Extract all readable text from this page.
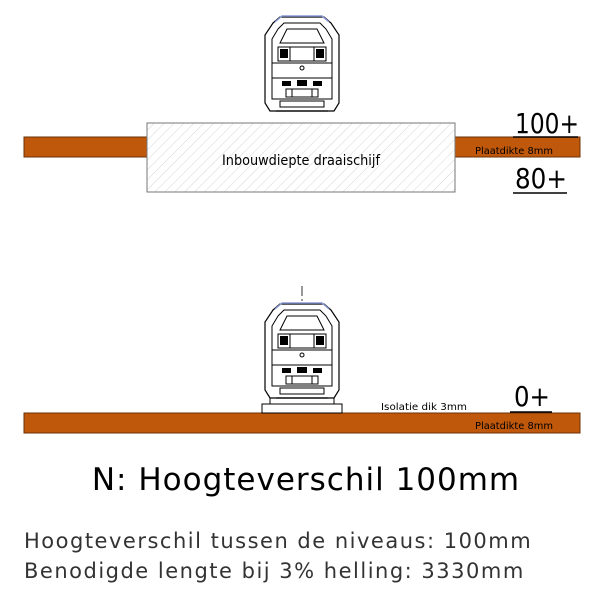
Inbouwdiepte draaischijf
Plaatdikte 8mm
100+
80+
Isolatie dik 3mm
Plaatdikte 8mm
0+
N: Hoogteverschil 100mm
Hoogteverschil tussen de niveaus: 100mm
Benodigde lengte bij 3% helling: 3330mm
